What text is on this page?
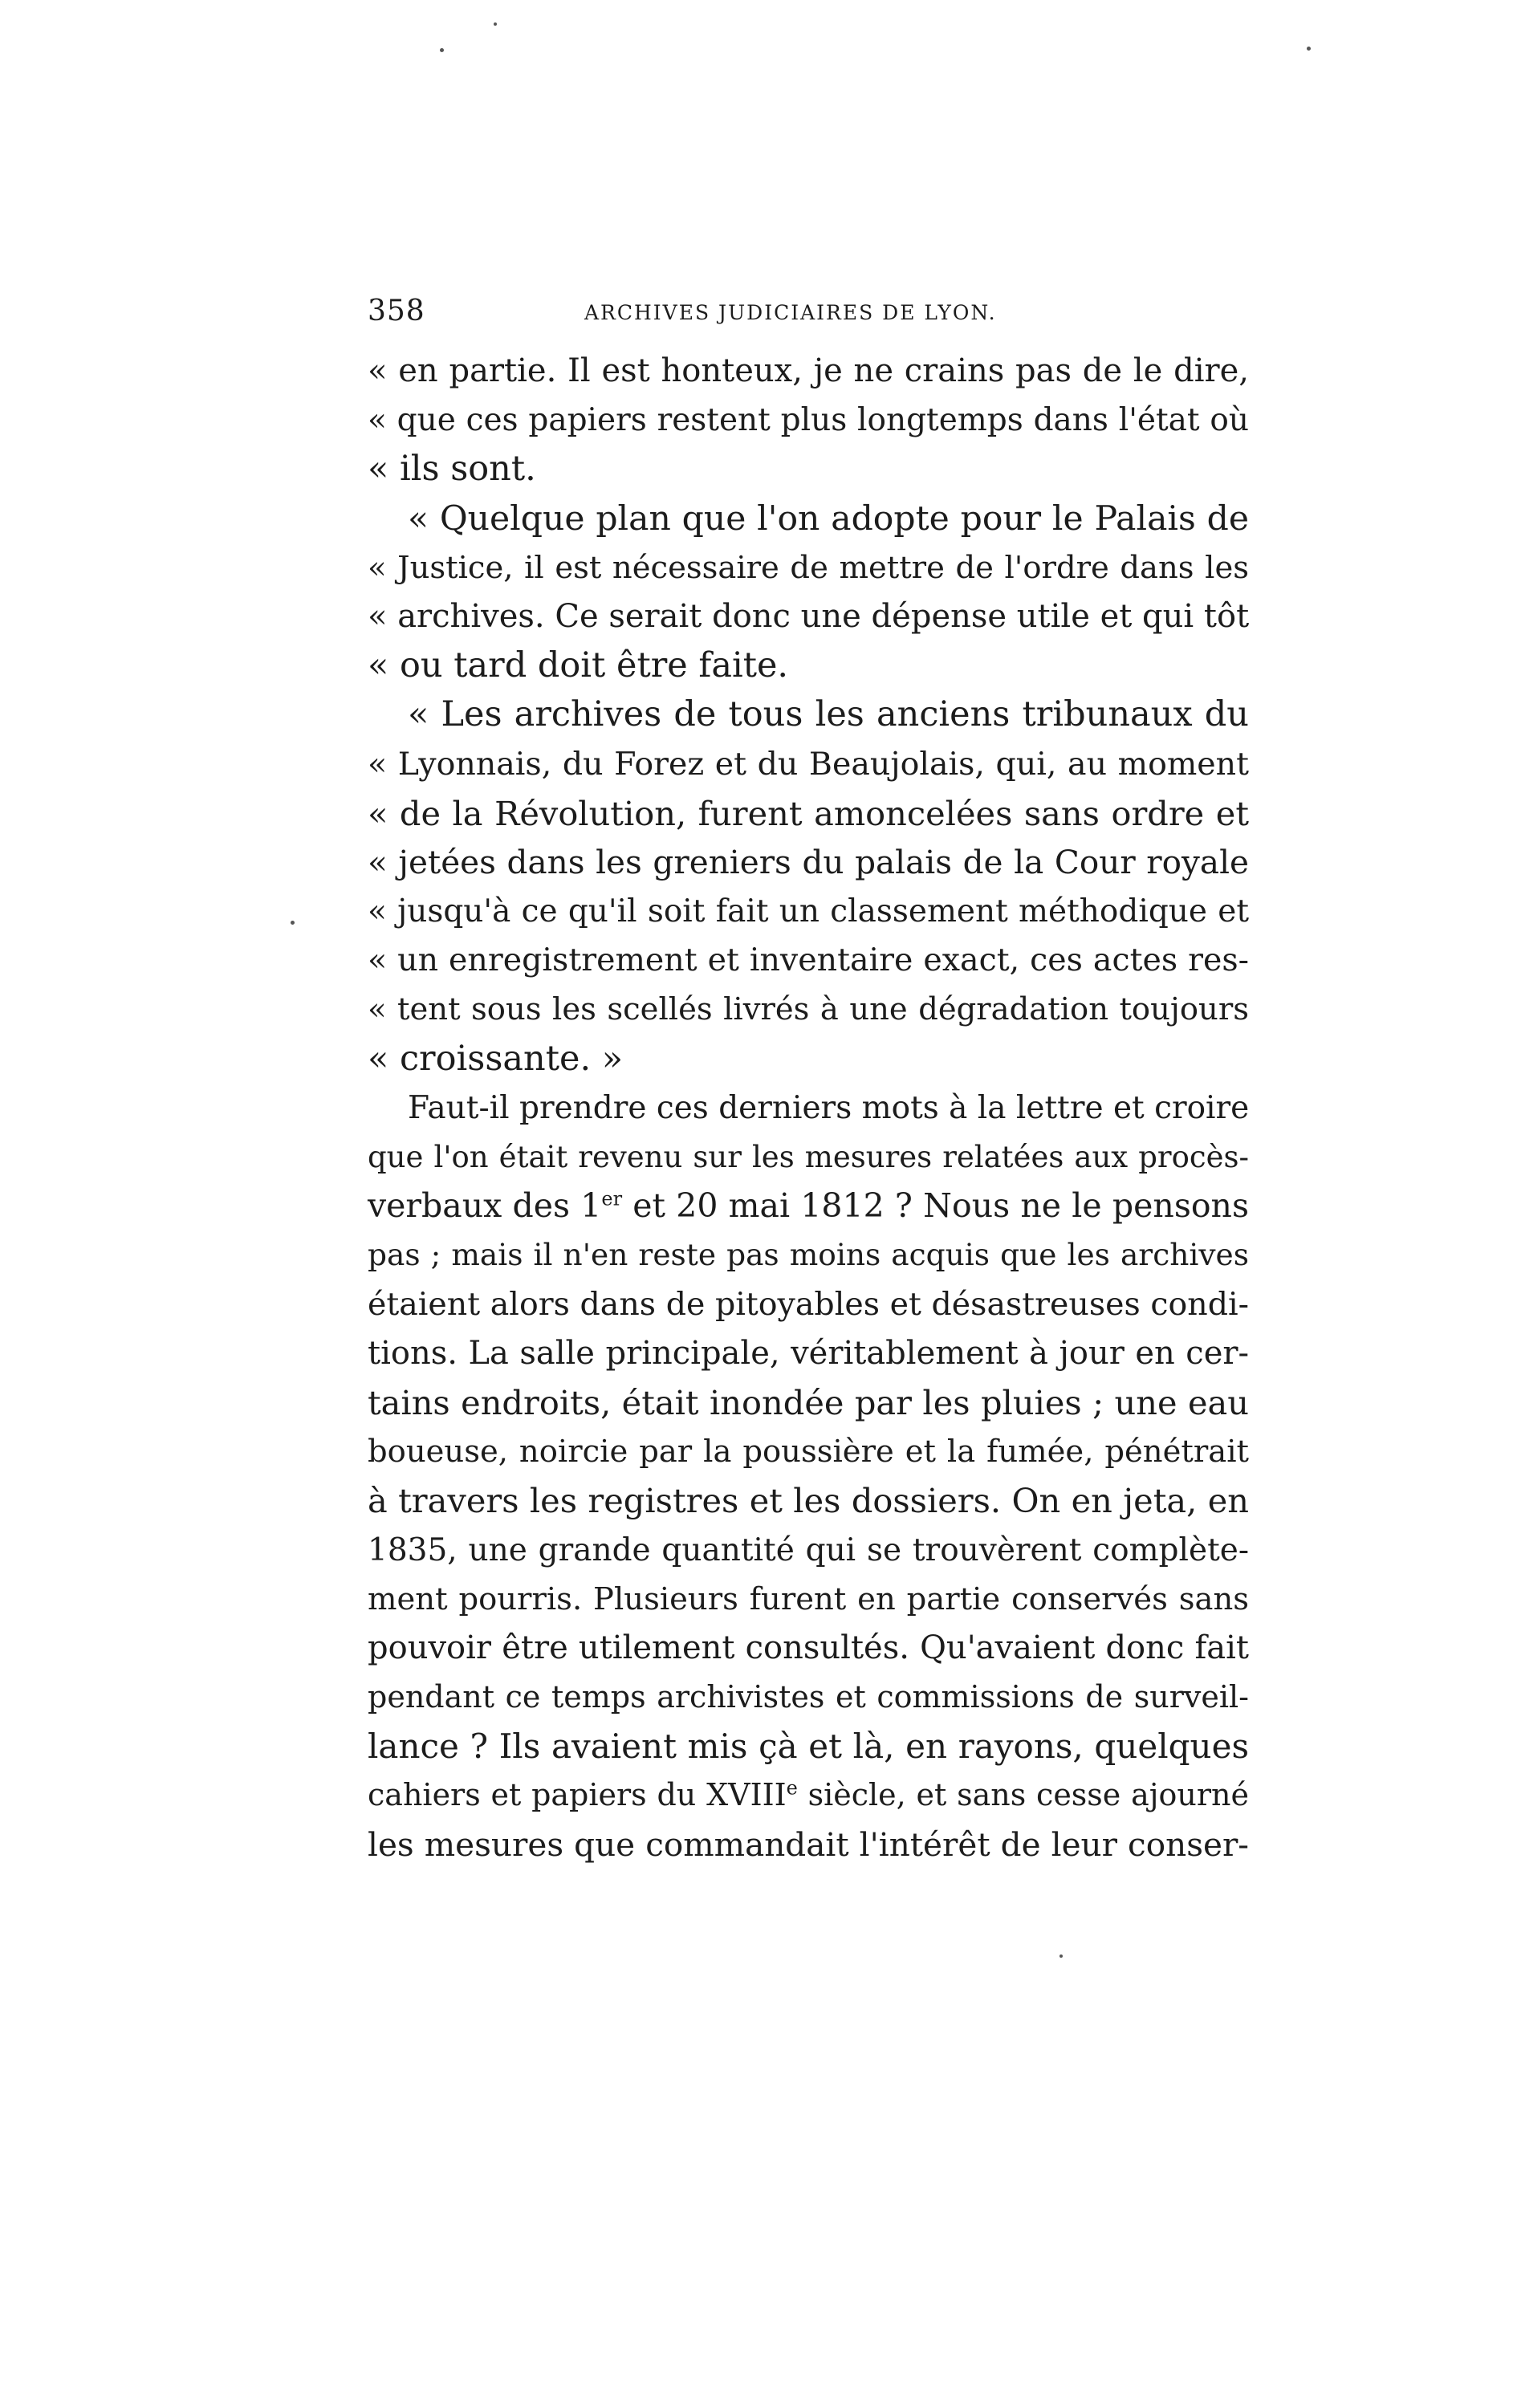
358	ARCHIVES JUDICIAIRES DE LYON.
« en partie. Il est honteux, je ne crains pas de le dire,
« que ces papiers restent plus longtemps dans l'état où
« ils sont.
« Quelque plan que l'on adopte pour le Palais de
« Justice, il est nécessaire de mettre de l'ordre dans les
« archives. Ce serait donc une dépense utile et qui tôt
« ou tard doit être faite.
« Les archives de tous les anciens tribunaux du
« Lyonnais, du Forez et du Beaujolais, qui, au moment
« de la Révolution, furent amoncelées sans ordre et
« jetées dans les greniers du palais de la Cour royale
« jusqu'à ce qu'il soit fait un classement méthodique et
« un enregistrement et inventaire exact, ces actes res-
« tent sous les scellés livrés à une dégradation toujours
« croissante. »
Faut-il prendre ces derniers mots à la lettre et croire
que l'on était revenu sur les mesures relatées aux procès-
verbaux des 1er et 20 mai 1812 ? Nous ne le pensons
pas ; mais il n'en reste pas moins acquis que les archives
étaient alors dans de pitoyables et désastreuses condi-
tions. La salle principale, véritablement à jour en cer-
tains endroits, était inondée par les pluies ; une eau
boueuse, noircie par la poussière et la fumée, pénétrait
à travers les registres et les dossiers. On en jeta, en
1835, une grande quantité qui se trouvèrent complète-
ment pourris. Plusieurs furent en partie conservés sans
pouvoir être utilement consultés. Qu'avaient donc fait
pendant ce temps archivistes et commissions de surveil-
lance ? Ils avaient mis çà et là, en rayons, quelques
cahiers et papiers du XVIIIe siècle, et sans cesse ajourné
les mesures que commandait l'intérêt de leur conser-
